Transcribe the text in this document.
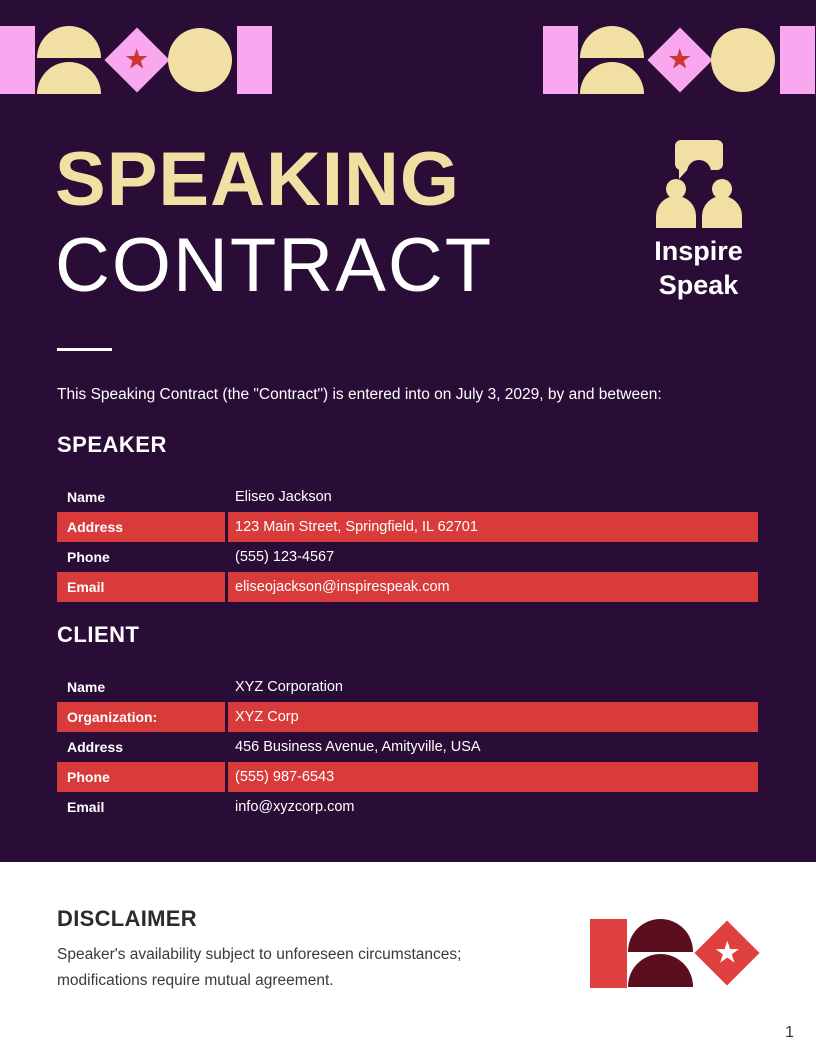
★	★
SPEAKING
CONTRACT	Inspire
Speak

This Speaking Contract (the "Contract") is entered into on July 3, 2029, by and between:

SPEAKER
Name	Eliseo Jackson
Address	123 Main Street, Springfield, IL 62701
Phone	(555) 123-4567
Email	eliseojackson@inspirespeak.com
CLIENT
Name	XYZ Corporation
Organization:	XYZ Corp
Address	456 Business Avenue, Amityville, USA
Phone	(555) 987-6543
Email	info@xyzcorp.com
DISCLAIMER

Speaker's availability subject to unforeseen circumstances; modifications require mutual agreement.

★
1
